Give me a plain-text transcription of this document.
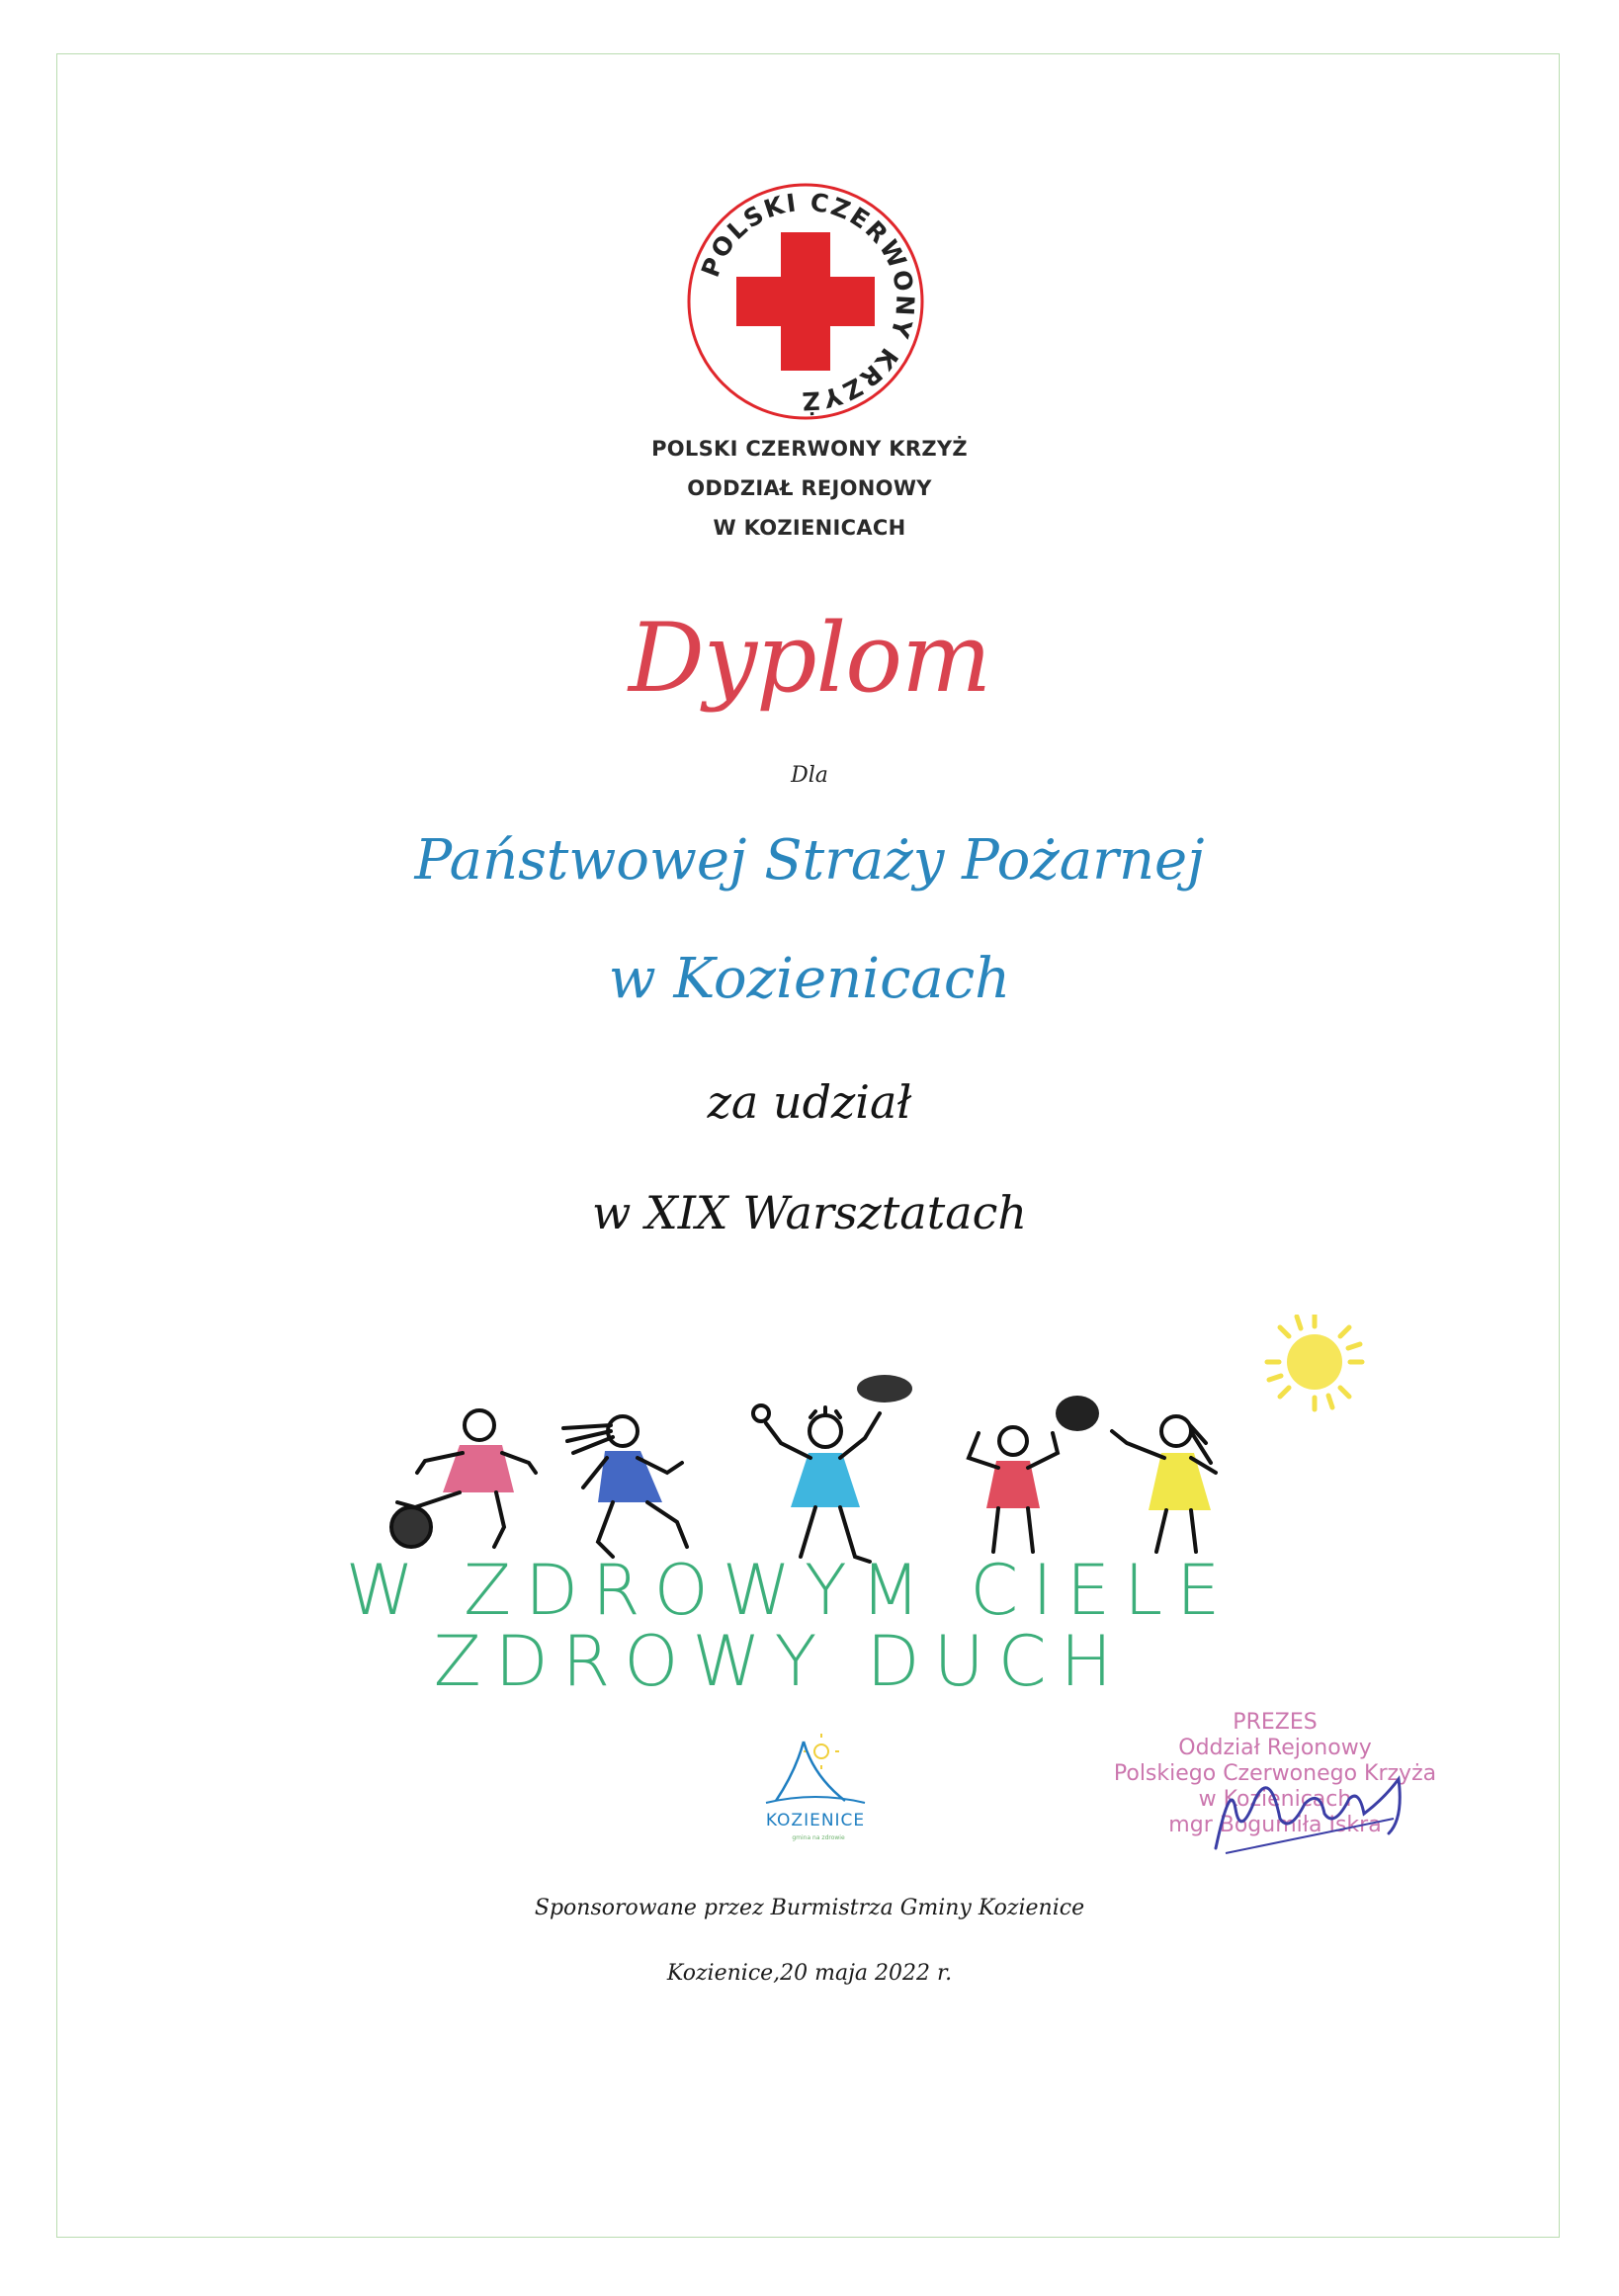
POLSKI CZERWONY KRZYŻ
POLSKI CZERWONY KRZYŻ
ODDZIAŁ REJONOWY
W KOZIENICACH
Dyplom
Dla
Państwowej Straży Pożarnej
w Kozienicach
za udział
w XIX Warsztatach
W ZDROWYM CIELE
ZDROWY DUCH
KOZIENICE
gmina na zdrowie
PREZES
Oddział Rejonowy
Polskiego Czerwonego Krzyża
w Kozienicach
mgr Bogumiła Iskra
Sponsorowane przez Burmistrza Gminy Kozienice
Kozienice,20 maja 2022 r.
